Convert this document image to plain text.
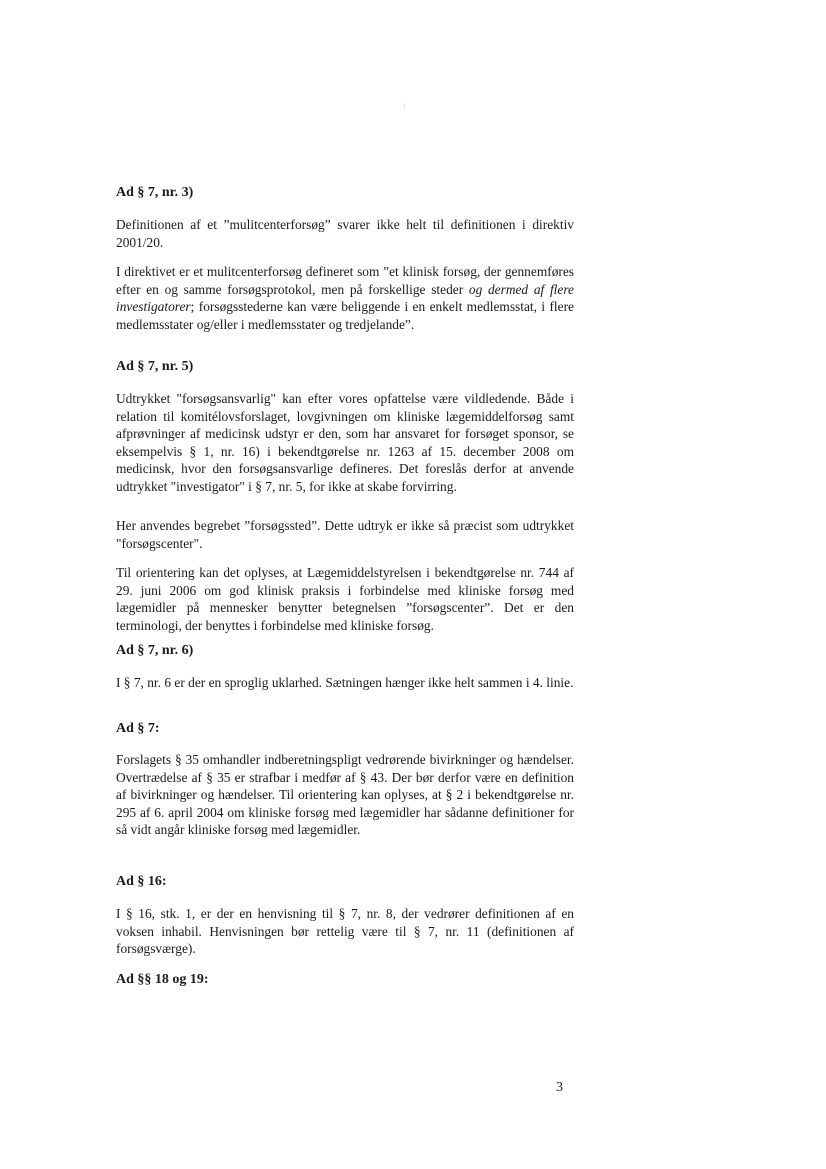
Ad § 7, nr. 3)

Definitionen af et ”mulitcenterforsøg” svarer ikke helt til definitionen i direktiv 2001/20.

I direktivet er et mulitcenterforsøg defineret som ”et klinisk forsøg, der gennemføres efter en og samme forsøgsprotokol, men på forskellige steder og dermed af flere investigatorer; forsøgsstederne kan være beliggende i en enkelt medlemsstat, i flere medlemsstater og/eller i medlemsstater og tredjelande”.

Ad § 7, nr. 5)

Udtrykket "forsøgsansvarlig" kan efter vores opfattelse være vildledende. Både i relation til komitélovsforslaget, lovgivningen om kliniske lægemiddelforsøg samt afprøvninger af medicinsk udstyr er den, som har ansvaret for forsøget sponsor, se eksempelvis § 1, nr. 16) i bekendtgørelse nr. 1263 af 15. december 2008 om medicinsk, hvor den forsøgsansvarlige defineres. Det foreslås derfor at anvende udtrykket "investigator" i § 7, nr. 5, for ikke at skabe forvirring.

Her anvendes begrebet ”forsøgssted”. Dette udtryk er ikke så præcist som udtrykket "forsøgscenter".

Til orientering kan det oplyses, at Lægemiddelstyrelsen i bekendtgørelse nr. 744 af 29. juni 2006 om god klinisk praksis i forbindelse med kliniske forsøg med lægemidler på mennesker benytter betegnelsen ”forsøgscenter”. Det er den terminologi, der benyttes i forbindelse med kliniske forsøg.

Ad § 7, nr. 6)

I § 7, nr. 6 er der en sproglig uklarhed. Sætningen hænger ikke helt sammen i 4. linie.

Ad § 7:

Forslagets § 35 omhandler indberetningspligt vedrørende bivirkninger og hændelser. Overtrædelse af § 35 er strafbar i medfør af § 43. Der bør derfor være en definition af bivirkninger og hændelser. Til orientering kan oplyses, at § 2 i bekendtgørelse nr. 295 af 6. april 2004 om kliniske forsøg med lægemidler har sådanne definitioner for så vidt angår kliniske forsøg med lægemidler.

Ad § 16:

I § 16, stk. 1, er der en henvisning til § 7, nr. 8, der vedrører definitionen af en voksen inhabil. Henvisningen bør rettelig være til § 7, nr. 11 (definitionen af forsøgsværge).

Ad §§ 18 og 19:
3
